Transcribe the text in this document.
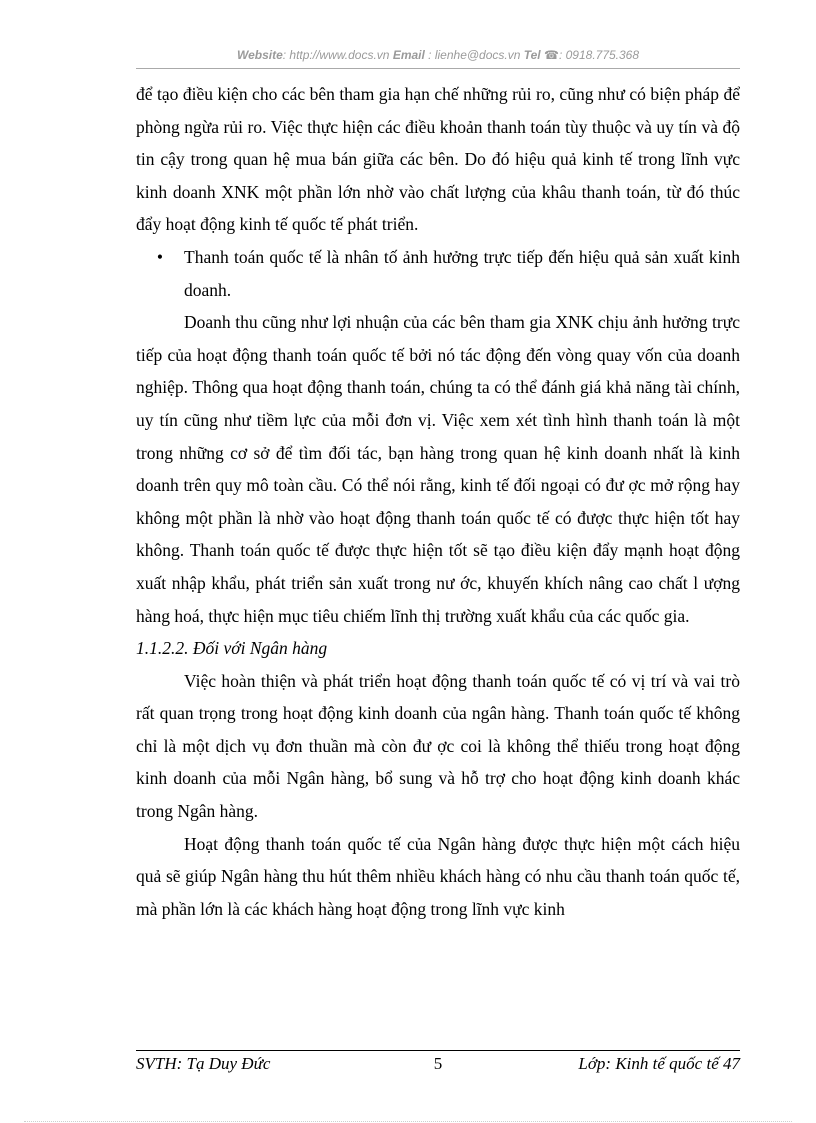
Website: http://www.docs.vn Email : lienhe@docs.vn Tel ☎: 0918.775.368

để tạo điều kiện cho các bên tham gia hạn chế những rủi ro, cũng như có biện pháp để phòng ngừa rủi ro. Việc thực hiện các điều khoản thanh toán tùy thuộc và uy tín và độ tin cậy trong quan hệ mua bán giữa các bên. Do đó hiệu quả kinh tế trong lĩnh vực kinh doanh XNK một phần lớn nhờ vào chất lượng của khâu thanh toán, từ đó thúc đẩy hoạt động kinh tế quốc tế phát triển.

•	Thanh toán quốc tế là nhân tố ảnh hưởng trực tiếp đến hiệu quả sản xuất kinh doanh.

Doanh thu cũng như lợi nhuận của các bên tham gia XNK chịu ảnh hưởng trực tiếp của hoạt động thanh toán quốc tế bởi nó tác động đến vòng quay vốn của doanh nghiệp. Thông qua hoạt động thanh toán, chúng ta có thể đánh giá khả năng tài chính, uy tín cũng như tiềm lực của mỗi đơn vị. Việc xem xét tình hình thanh toán là một trong những cơ sở để tìm đối tác, bạn hàng trong quan hệ kinh doanh nhất là kinh doanh trên quy mô toàn cầu. Có thể nói rằng, kinh tế đối ngoại có đư ợc mở rộng hay không một phần là nhờ vào hoạt động thanh toán quốc tế có được thực hiện tốt hay không. Thanh toán quốc tế được thực hiện tốt sẽ tạo điều kiện đẩy mạnh hoạt động xuất nhập khẩu, phát triển sản xuất trong nư ớc, khuyến khích nâng cao chất l ượng hàng hoá, thực hiện mục tiêu chiếm lĩnh thị trường xuất khẩu của các quốc gia.

1.1.2.2. Đối với Ngân hàng

Việc hoàn thiện và phát triển hoạt động thanh toán quốc tế có vị trí và vai trò rất quan trọng trong hoạt động kinh doanh của ngân hàng. Thanh toán quốc tế không chỉ là một dịch vụ đơn thuần mà còn đư ợc coi là không thể thiếu trong hoạt động kinh doanh của mỗi Ngân hàng, bổ sung và hỗ trợ cho hoạt động kinh doanh khác trong Ngân hàng.

Hoạt động thanh toán quốc tế của Ngân hàng được thực hiện một cách hiệu quả sẽ giúp Ngân hàng thu hút thêm nhiều khách hàng có nhu cầu thanh toán quốc tế, mà phần lớn là các khách hàng hoạt động trong lĩnh vực kinh

SVTH: Tạ Duy Đức	5	Lớp: Kinh tế quốc tế 47
